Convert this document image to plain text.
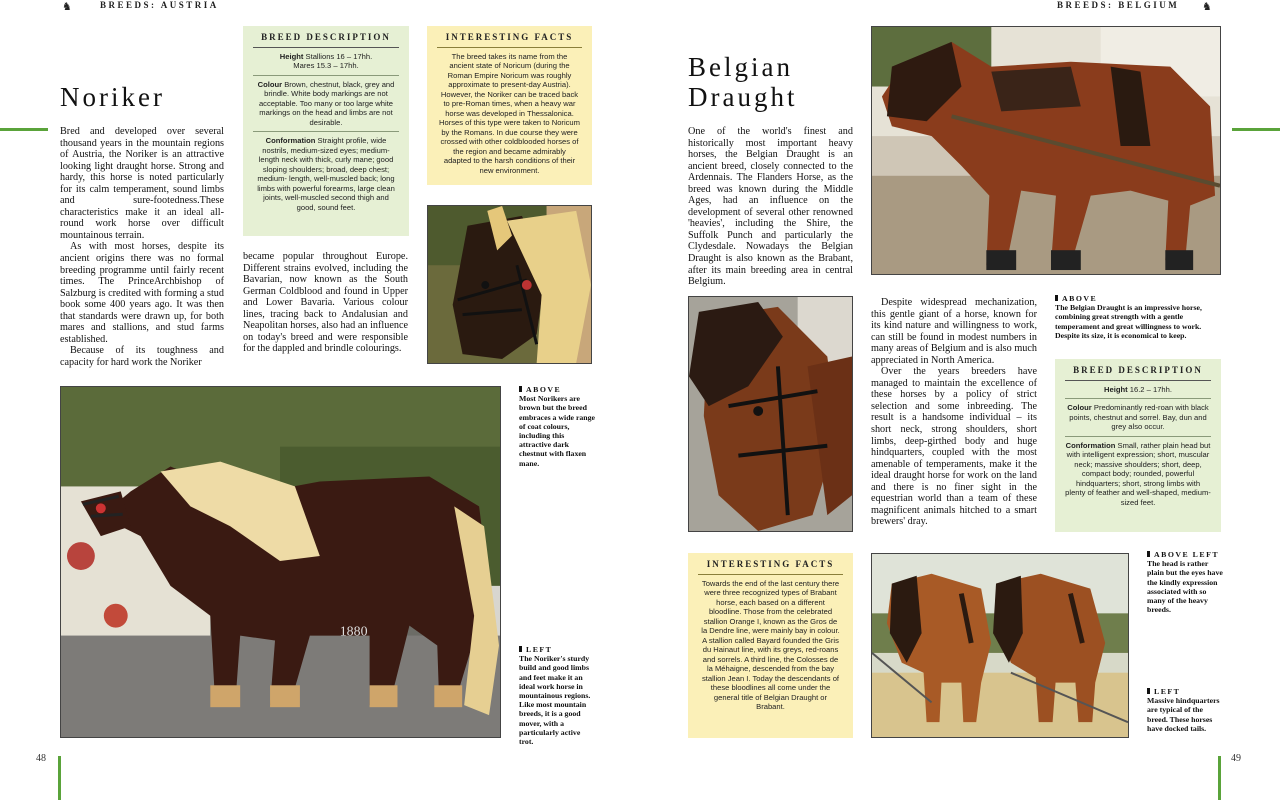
♞	BREEDS: AUSTRIA
Noriker

Bred and developed over several thousand years in the mountain regions of Austria, the Noriker is an attractive looking light draught horse. Strong and hardy, this horse is noted particularly for its calm temperament, sound limbs and sure-footedness.These characteristics make it an ideal all-round work horse over difficult mountainous terrain.

As with most horses, despite its ancient origins there was no formal breeding programme until fairly recent times. The PrinceArchbishop of Salzburg is credited with forming a stud book some 400 years ago. It was then that standards were drawn up, for both mares and stallions, and stud farms established.

Because of its toughness and capacity for hard work the Noriker

became popular throughout Europe. Different strains evolved, including the Bavarian, now known as the South German Coldblood and found in Upper and Lower Bavaria. Various colour lines, tracing back to Andalusian and Neapolitan horses, also had an influence on today's breed and were responsible for the dappled and brindle colourings.

BREED DESCRIPTION
Height Stallions 16 – 17hh.
Mares 15.3 – 17hh.
Colour Brown, chestnut, black, grey and brindle. White body markings are not acceptable. Too many or too large white markings on the head and limbs are not desirable.
Conformation Straight profile, wide nostrils, medium-sized eyes; medium-length neck with thick, curly mane; good sloping shoulders; broad, deep chest; medium- length, well-muscled back; long limbs with powerful forearms, large clean joints, well-muscled second thigh and good, sound feet.
INTERESTING FACTS
The breed takes its name from the ancient state of Noricum (during the Roman Empire Noricum was roughly approximate to present-day Austria). However, the Noriker can be traced back to pre-Roman times, when a heavy war horse was developed in Thessalonica. Horses of this type were taken to Noricum by the Romans. In due course they were crossed with other coldblooded horses of the region and became admirably adapted to the harsh conditions of their new environment.
1880
ABOVE
Most Norikers are brown but the breed embraces a wide range of coat colours, including this attractive dark chestnut with flaxen mane.
LEFT
The Noriker's sturdy build and good limbs and feet make it an ideal work horse in mountainous regions. Like most mountain breeds, it is a good mover, with a particularly active trot.
48
BREEDS: BELGIUM ♞
Belgian
Draught

One of the world's finest and historically most important heavy horses, the Belgian Draught is an ancient breed, closely connected to the Ardennais. The Flanders Horse, as the breed was known during the Middle Ages, had an influence on the development of several other renowned 'heavies', including the Shire, the Suffolk Punch and particularly the Clydesdale. Nowadays the Belgian Draught is also known as the Brabant, after its main breeding area in central Belgium.

Despite widespread mechanization, this gentle giant of a horse, known for its kind nature and willingness to work, can still be found in modest numbers in many areas of Belgium and is also much appreciated in North America.

Over the years breeders have managed to maintain the excellence of these horses by a policy of strict selection and some inbreeding. The result is a handsome individual – its short neck, strong shoulders, short limbs, deep-girthed body and huge hindquarters, coupled with the most amenable of temperaments, make it the ideal draught horse for work on the land and there is no finer sight in the equestrian world than a team of these magnificent animals hitched to a smart brewers' dray.

BREED DESCRIPTION
Height 16.2 – 17hh.
Colour Predominantly red-roan with black points, chestnut and sorrel. Bay, dun and grey also occur.
Conformation Small, rather plain head but with intelligent expression; short, muscular neck; massive shoulders; short, deep, compact body; rounded, powerful hindquarters; short, strong limbs with plenty of feather and well-shaped, medium-sized feet.
INTERESTING FACTS
Towards the end of the last century there were three recognized types of Brabant horse, each based on a different bloodline. Those from the celebrated stallion Orange I, known as the Gros de la Dendre line, were mainly bay in colour. A stallion called Bayard founded the Gris du Hainaut line, with its greys, red-roans and sorrels. A third line, the Colosses de la Méhaigne, descended from the bay stallion Jean I. Today the descendants of these bloodlines all come under the general title of Belgian Draught or Brabant.
ABOVE
The Belgian Draught is an impressive horse, combining great strength with a gentle temperament and great willingness to work. Despite its size, it is economical to keep.
ABOVE LEFT
The head is rather plain but the eyes have the kindly expression associated with so many of the heavy breeds.
LEFT
Massive hindquarters are typical of the breed. These horses have docked tails.
49
